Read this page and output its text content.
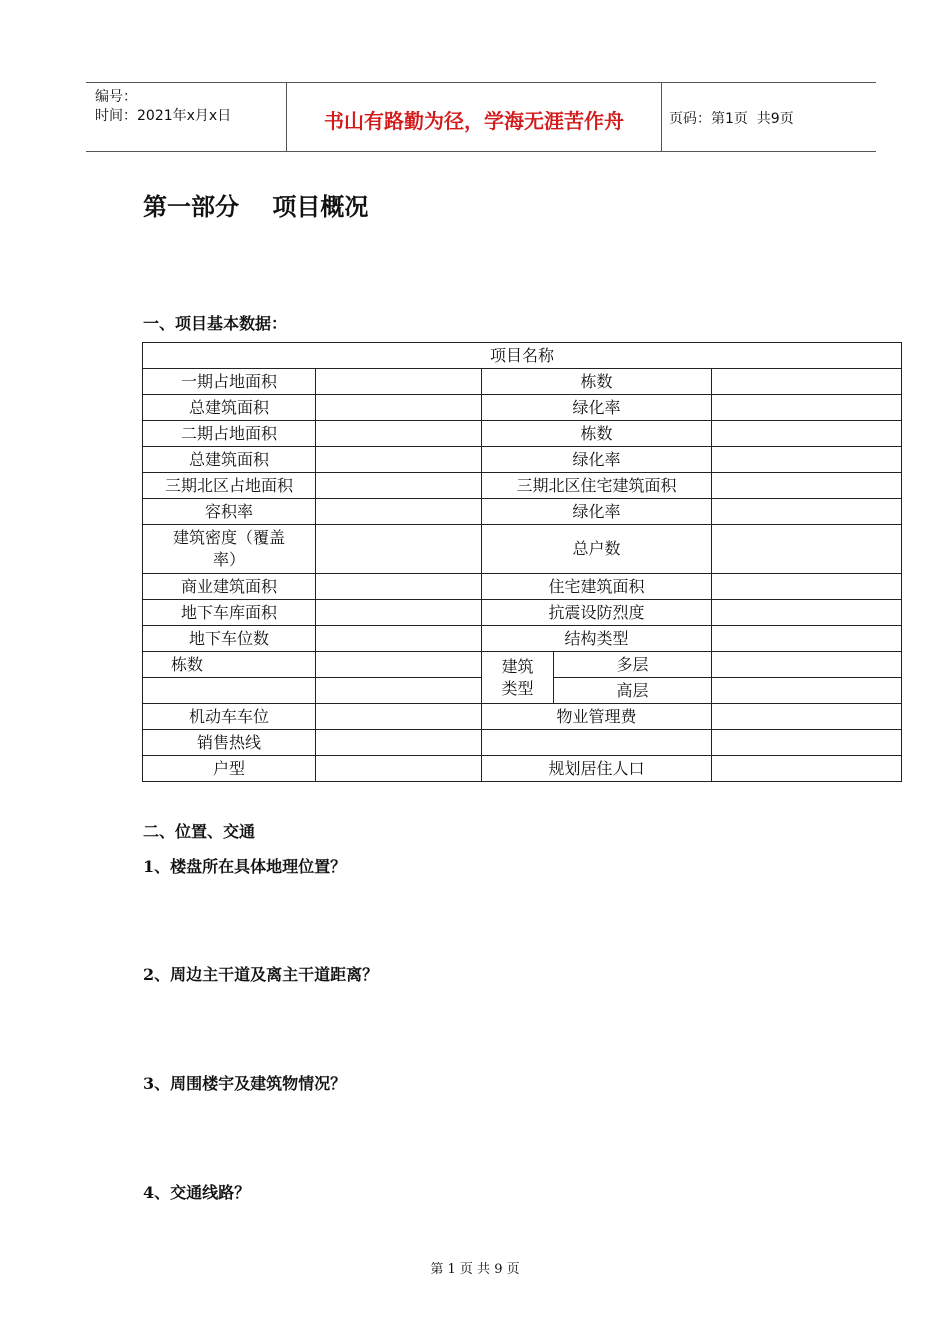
编号：
时间：2021年x月x日	书山有路勤为径，学海无涯苦作舟	页码：第1页  共9页
第一部分    项目概况
一、项目基本数据：
项目名称				
一期占地面积		栋数		
总建筑面积		绿化率		
二期占地面积		栋数		
总建筑面积		绿化率		
三期北区占地面积		三期北区住宅建筑面积		
容积率		绿化率		
建筑密度（覆盖率）		总户数		
商业建筑面积		住宅建筑面积		
地下车库面积		抗震设防烈度		
地下车位数		结构类型		
栋数		建筑类型	多层	
			高层	
机动车车位		物业管理费		
销售热线				
户型		规划居住人口		
二、位置、交通
1、楼盘所在具体地理位置？
2、周边主干道及离主干道距离？
3、周围楼宇及建筑物情况？
4、交通线路？
第 1 页 共 9 页
